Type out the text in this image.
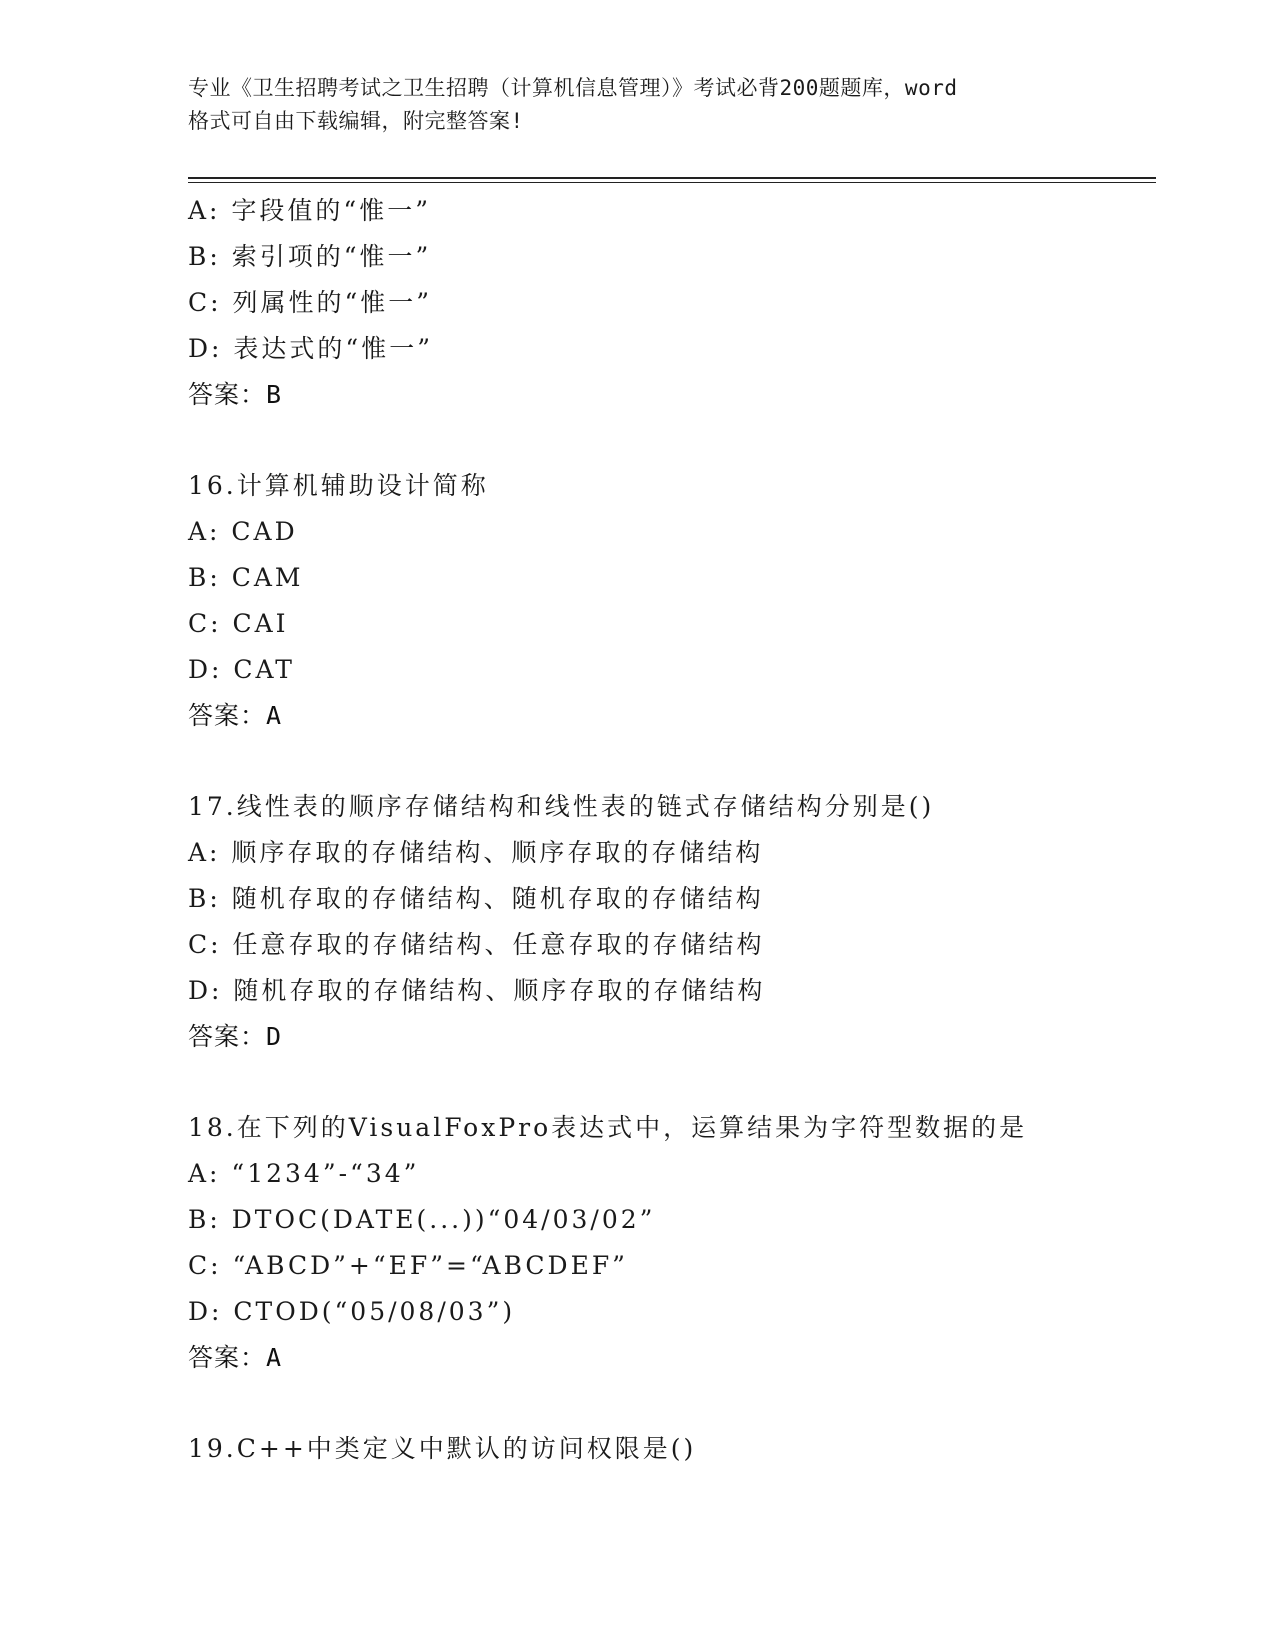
专业《卫生招聘考试之卫生招聘（计算机信息管理）》考试必背200题题库，word
格式可自由下载编辑，附完整答案!
A: 字段值的“惟一”
B: 索引项的“惟一”
C: 列属性的“惟一”
D: 表达式的“惟一”
答案：B
16.计算机辅助设计简称
A: CAD
B: CAM
C: CAI
D: CAT
答案：A
17.线性表的顺序存储结构和线性表的链式存储结构分别是()
A: 顺序存取的存储结构、顺序存取的存储结构
B: 随机存取的存储结构、随机存取的存储结构
C: 任意存取的存储结构、任意存取的存储结构
D: 随机存取的存储结构、顺序存取的存储结构
答案：D
18.在下列的VisualFoxPro表达式中，运算结果为字符型数据的是
A: “1234”-“34”
B: DTOC(DATE(...))“04/03/02”
C: “ABCD”+“EF”=“ABCDEF”
D: CTOD(“05/08/03”)
答案：A
19.C++中类定义中默认的访问权限是()
